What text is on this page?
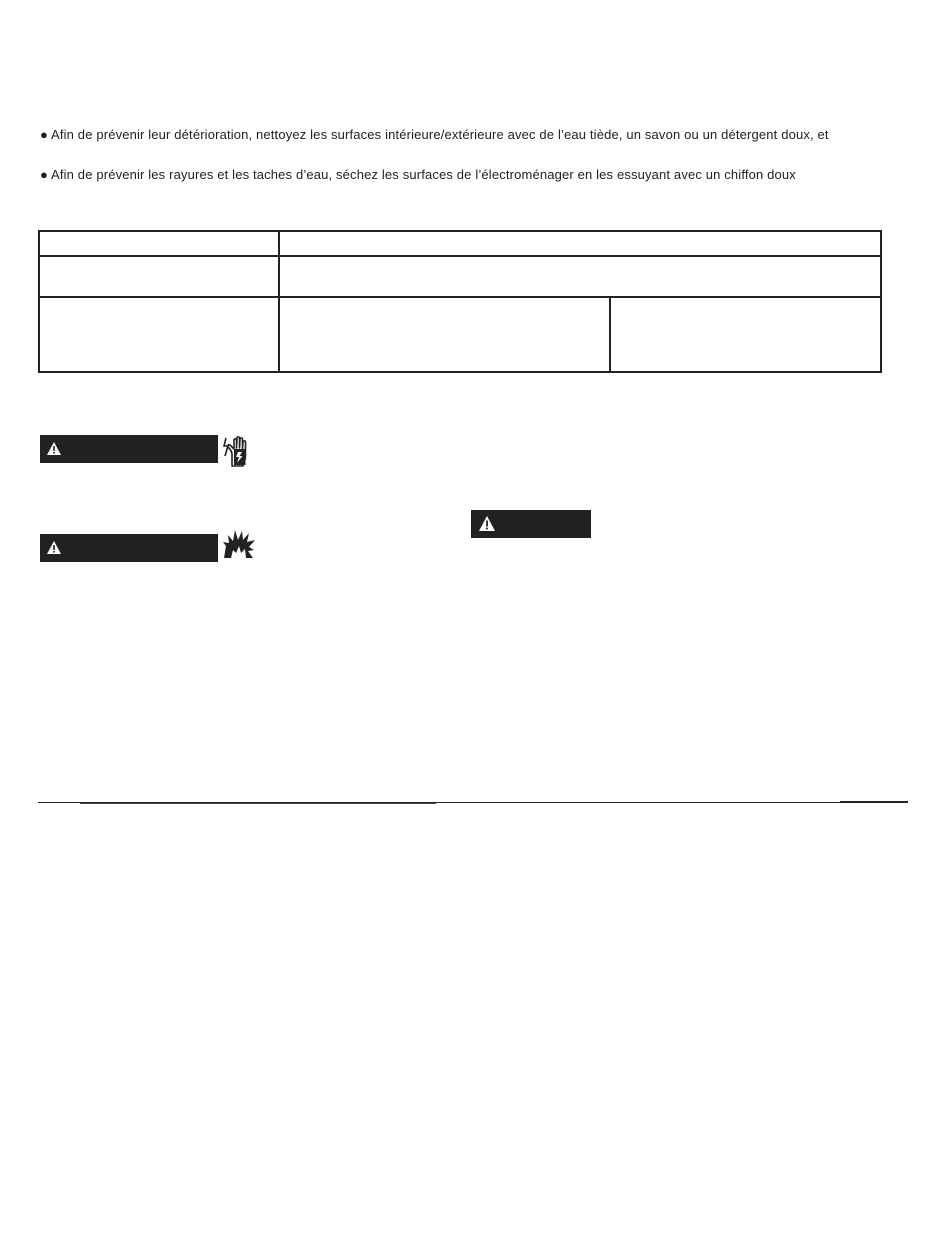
● Afin de prévenir leur détérioration, nettoyez les surfaces intérieure/extérieure avec de l’eau tiède, un savon ou un détergent doux, et
● Afin de prévenir les rayures et les taches d’eau, séchez les surfaces de l’électroménager en les essuyant avec un chiffon doux
